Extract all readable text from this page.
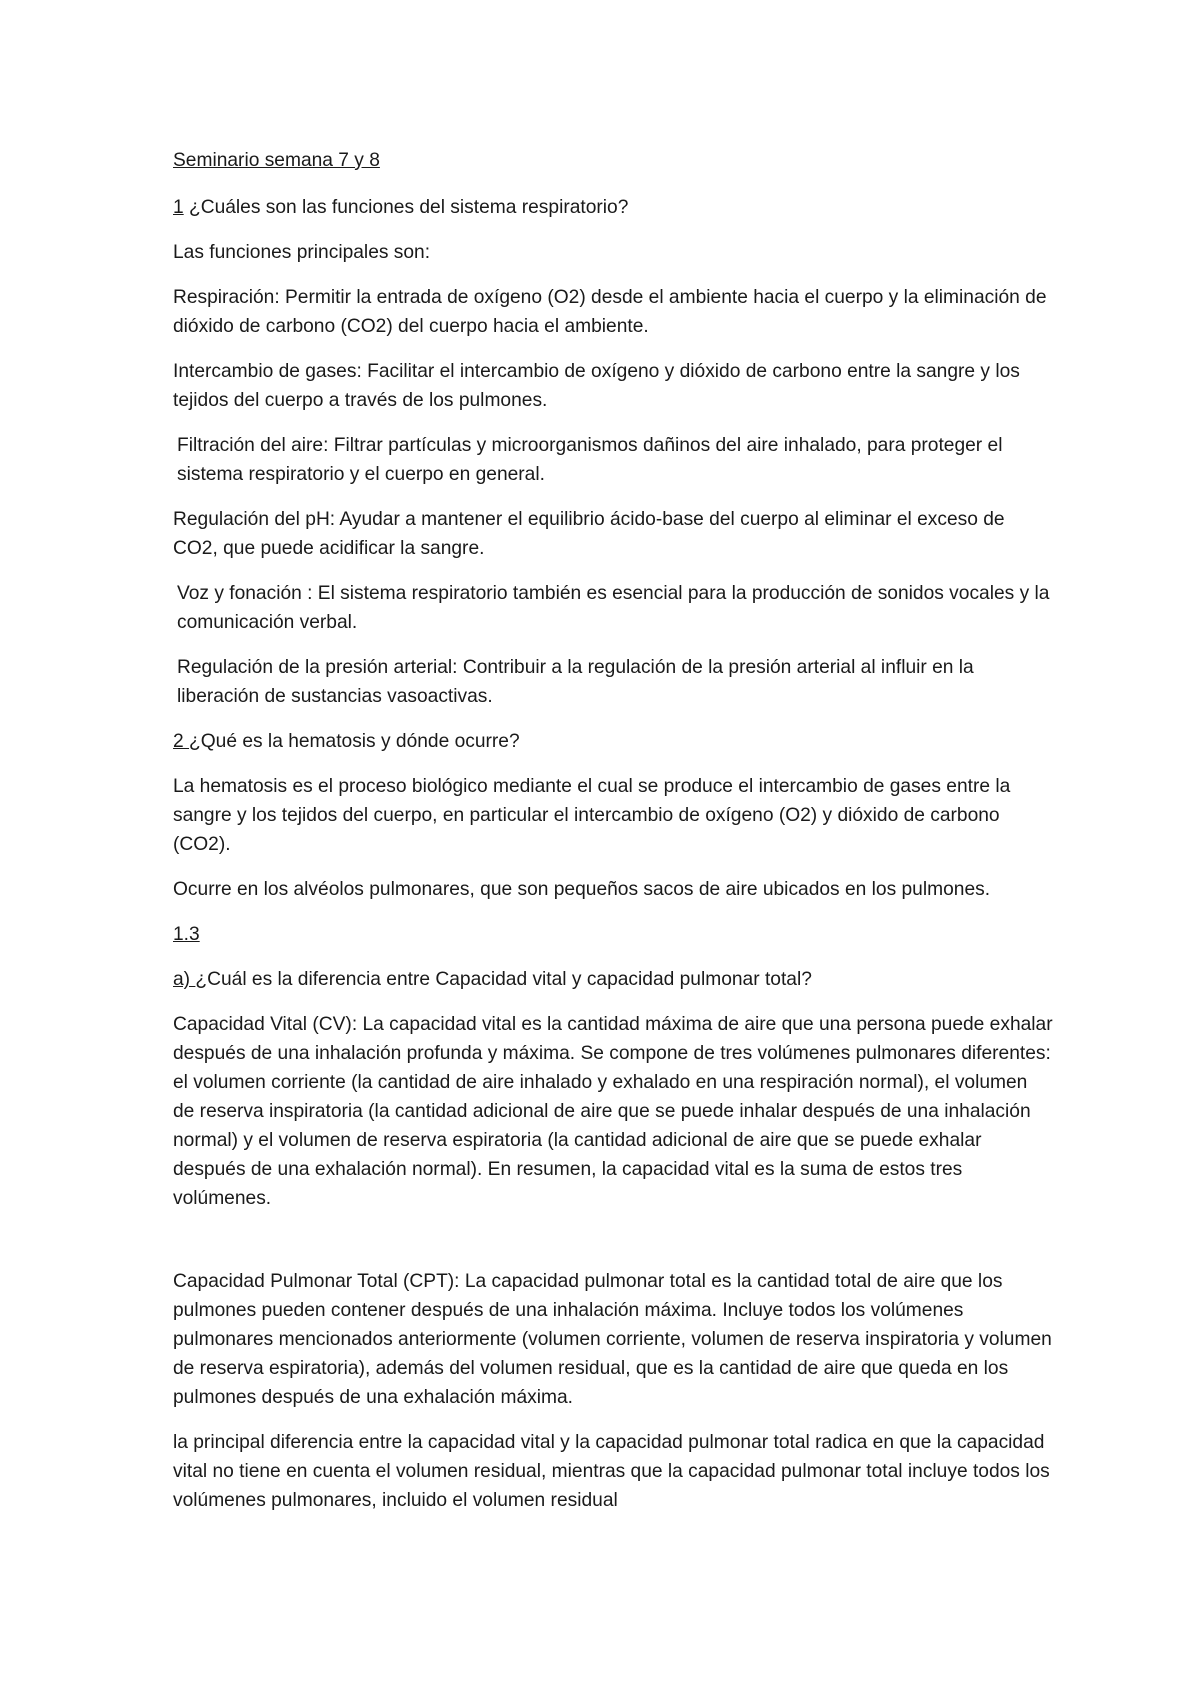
Seminario semana 7 y 8

1 ¿Cuáles son las funciones del sistema respiratorio?

Las funciones principales son:

Respiración: Permitir la entrada de oxígeno (O2) desde el ambiente hacia el cuerpo y la eliminación de dióxido de carbono (CO2) del cuerpo hacia el ambiente.

Intercambio de gases: Facilitar el intercambio de oxígeno y dióxido de carbono entre la sangre y los tejidos del cuerpo a través de los pulmones.

Filtración del aire: Filtrar partículas y microorganismos dañinos del aire inhalado, para proteger el sistema respiratorio y el cuerpo en general.

Regulación del pH: Ayudar a mantener el equilibrio ácido-base del cuerpo al eliminar el exceso de CO2, que puede acidificar la sangre.

Voz y fonación : El sistema respiratorio también es esencial para la producción de sonidos vocales y la comunicación verbal.

Regulación de la presión arterial: Contribuir a la regulación de la presión arterial al influir en la liberación de sustancias vasoactivas.

2 ¿Qué es la hematosis y dónde ocurre?

La hematosis es el proceso biológico mediante el cual se produce el intercambio de gases entre la sangre y los tejidos del cuerpo, en particular el intercambio de oxígeno (O2) y dióxido de carbono (CO2).

Ocurre en los alvéolos pulmonares, que son pequeños sacos de aire ubicados en los pulmones.

1.3

a) ¿Cuál es la diferencia entre Capacidad vital y capacidad pulmonar total?

Capacidad Vital (CV): La capacidad vital es la cantidad máxima de aire que una persona puede exhalar después de una inhalación profunda y máxima. Se compone de tres volúmenes pulmonares diferentes: el volumen corriente (la cantidad de aire inhalado y exhalado en una respiración normal), el volumen de reserva inspiratoria (la cantidad adicional de aire que se puede inhalar después de una inhalación normal) y el volumen de reserva espiratoria (la cantidad adicional de aire que se puede exhalar después de una exhalación normal). En resumen, la capacidad vital es la suma de estos tres volúmenes.

Capacidad Pulmonar Total (CPT): La capacidad pulmonar total es la cantidad total de aire que los pulmones pueden contener después de una inhalación máxima. Incluye todos los volúmenes pulmonares mencionados anteriormente (volumen corriente, volumen de reserva inspiratoria y volumen de reserva espiratoria), además del volumen residual, que es la cantidad de aire que queda en los pulmones después de una exhalación máxima.

la principal diferencia entre la capacidad vital y la capacidad pulmonar total radica en que la capacidad vital no tiene en cuenta el volumen residual, mientras que la capacidad pulmonar total incluye todos los volúmenes pulmonares, incluido el volumen residual
